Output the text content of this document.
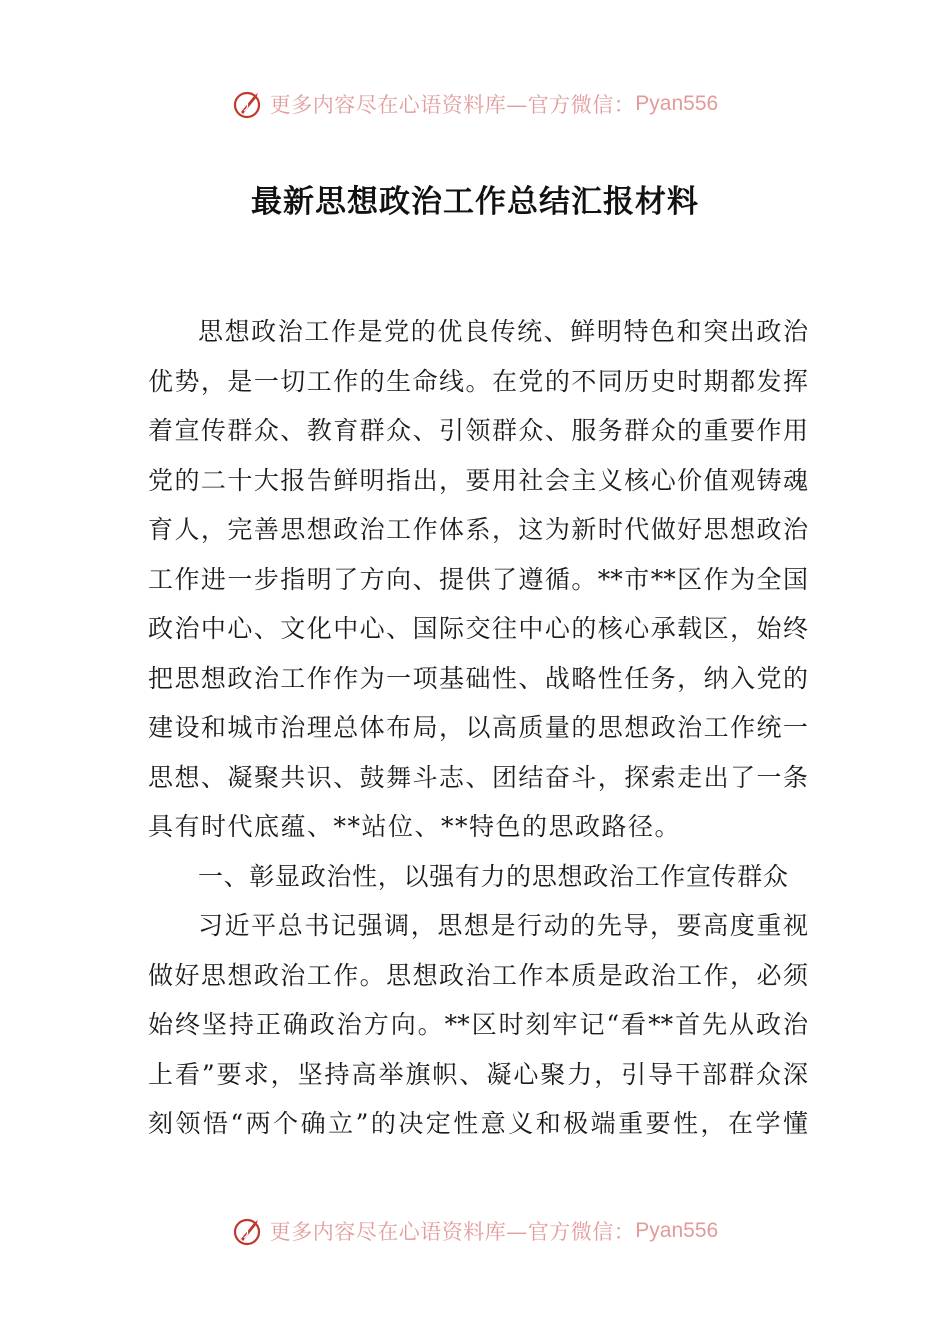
更多内容尽在心语资料库—官方微信： Pyan556
最新思想政治工作总结汇报材料
思想政治工作是党的优良传统、鲜明特色和突出政治
优势，是一切工作的生命线。在党的不同历史时期都发挥
着宣传群众、教育群众、引领群众、服务群众的重要作用
党的二十大报告鲜明指出，要用社会主义核心价值观铸魂
育人，完善思想政治工作体系，这为新时代做好思想政治
工作进一步指明了方向、提供了遵循。**市**区作为全国
政治中心、文化中心、国际交往中心的核心承载区，始终
把思想政治工作作为一项基础性、战略性任务，纳入党的
建设和城市治理总体布局，以高质量的思想政治工作统一
思想、凝聚共识、鼓舞斗志、团结奋斗，探索走出了一条
具有时代底蕴、**站位、**特色的思政路径。
一、彰显政治性，以强有力的思想政治工作宣传群众
习近平总书记强调，思想是行动的先导，要高度重视
做好思想政治工作。思想政治工作本质是政治工作，必须
始终坚持正确政治方向。**区时刻牢记“看**首先从政治
上看”要求，坚持高举旗帜、凝心聚力，引导干部群众深
刻领悟“两个确立”的决定性意义和极端重要性，在学懂
更多内容尽在心语资料库—官方微信： Pyan556
